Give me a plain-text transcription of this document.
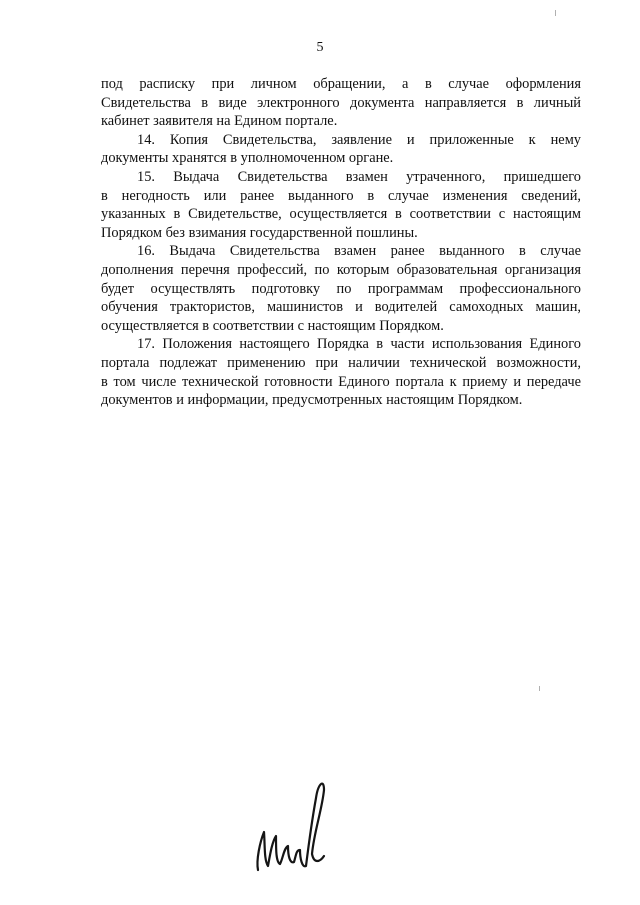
5
под расписку при личном обращении, а в случае оформления
Свидетельства в виде электронного документа направляется в личный
кабинет заявителя на Едином портале.
14. Копия Свидетельства, заявление и приложенные к нему
документы хранятся в уполномоченном органе.
15. Выдача Свидетельства взамен утраченного, пришедшего
в негодность или ранее выданного в случае изменения сведений,
указанных в Свидетельстве, осуществляется в соответствии с настоящим
Порядком без взимания государственной пошлины.
16. Выдача Свидетельства взамен ранее выданного в случае
дополнения перечня профессий, по которым образовательная организация
будет осуществлять подготовку по программам профессионального
обучения трактористов, машинистов и водителей самоходных машин,
осуществляется в соответствии с настоящим Порядком.
17. Положения настоящего Порядка в части использования Единого
портала подлежат применению при наличии технической возможности,
в том числе технической готовности Единого портала к приему и передаче
документов и информации, предусмотренных настоящим Порядком.
